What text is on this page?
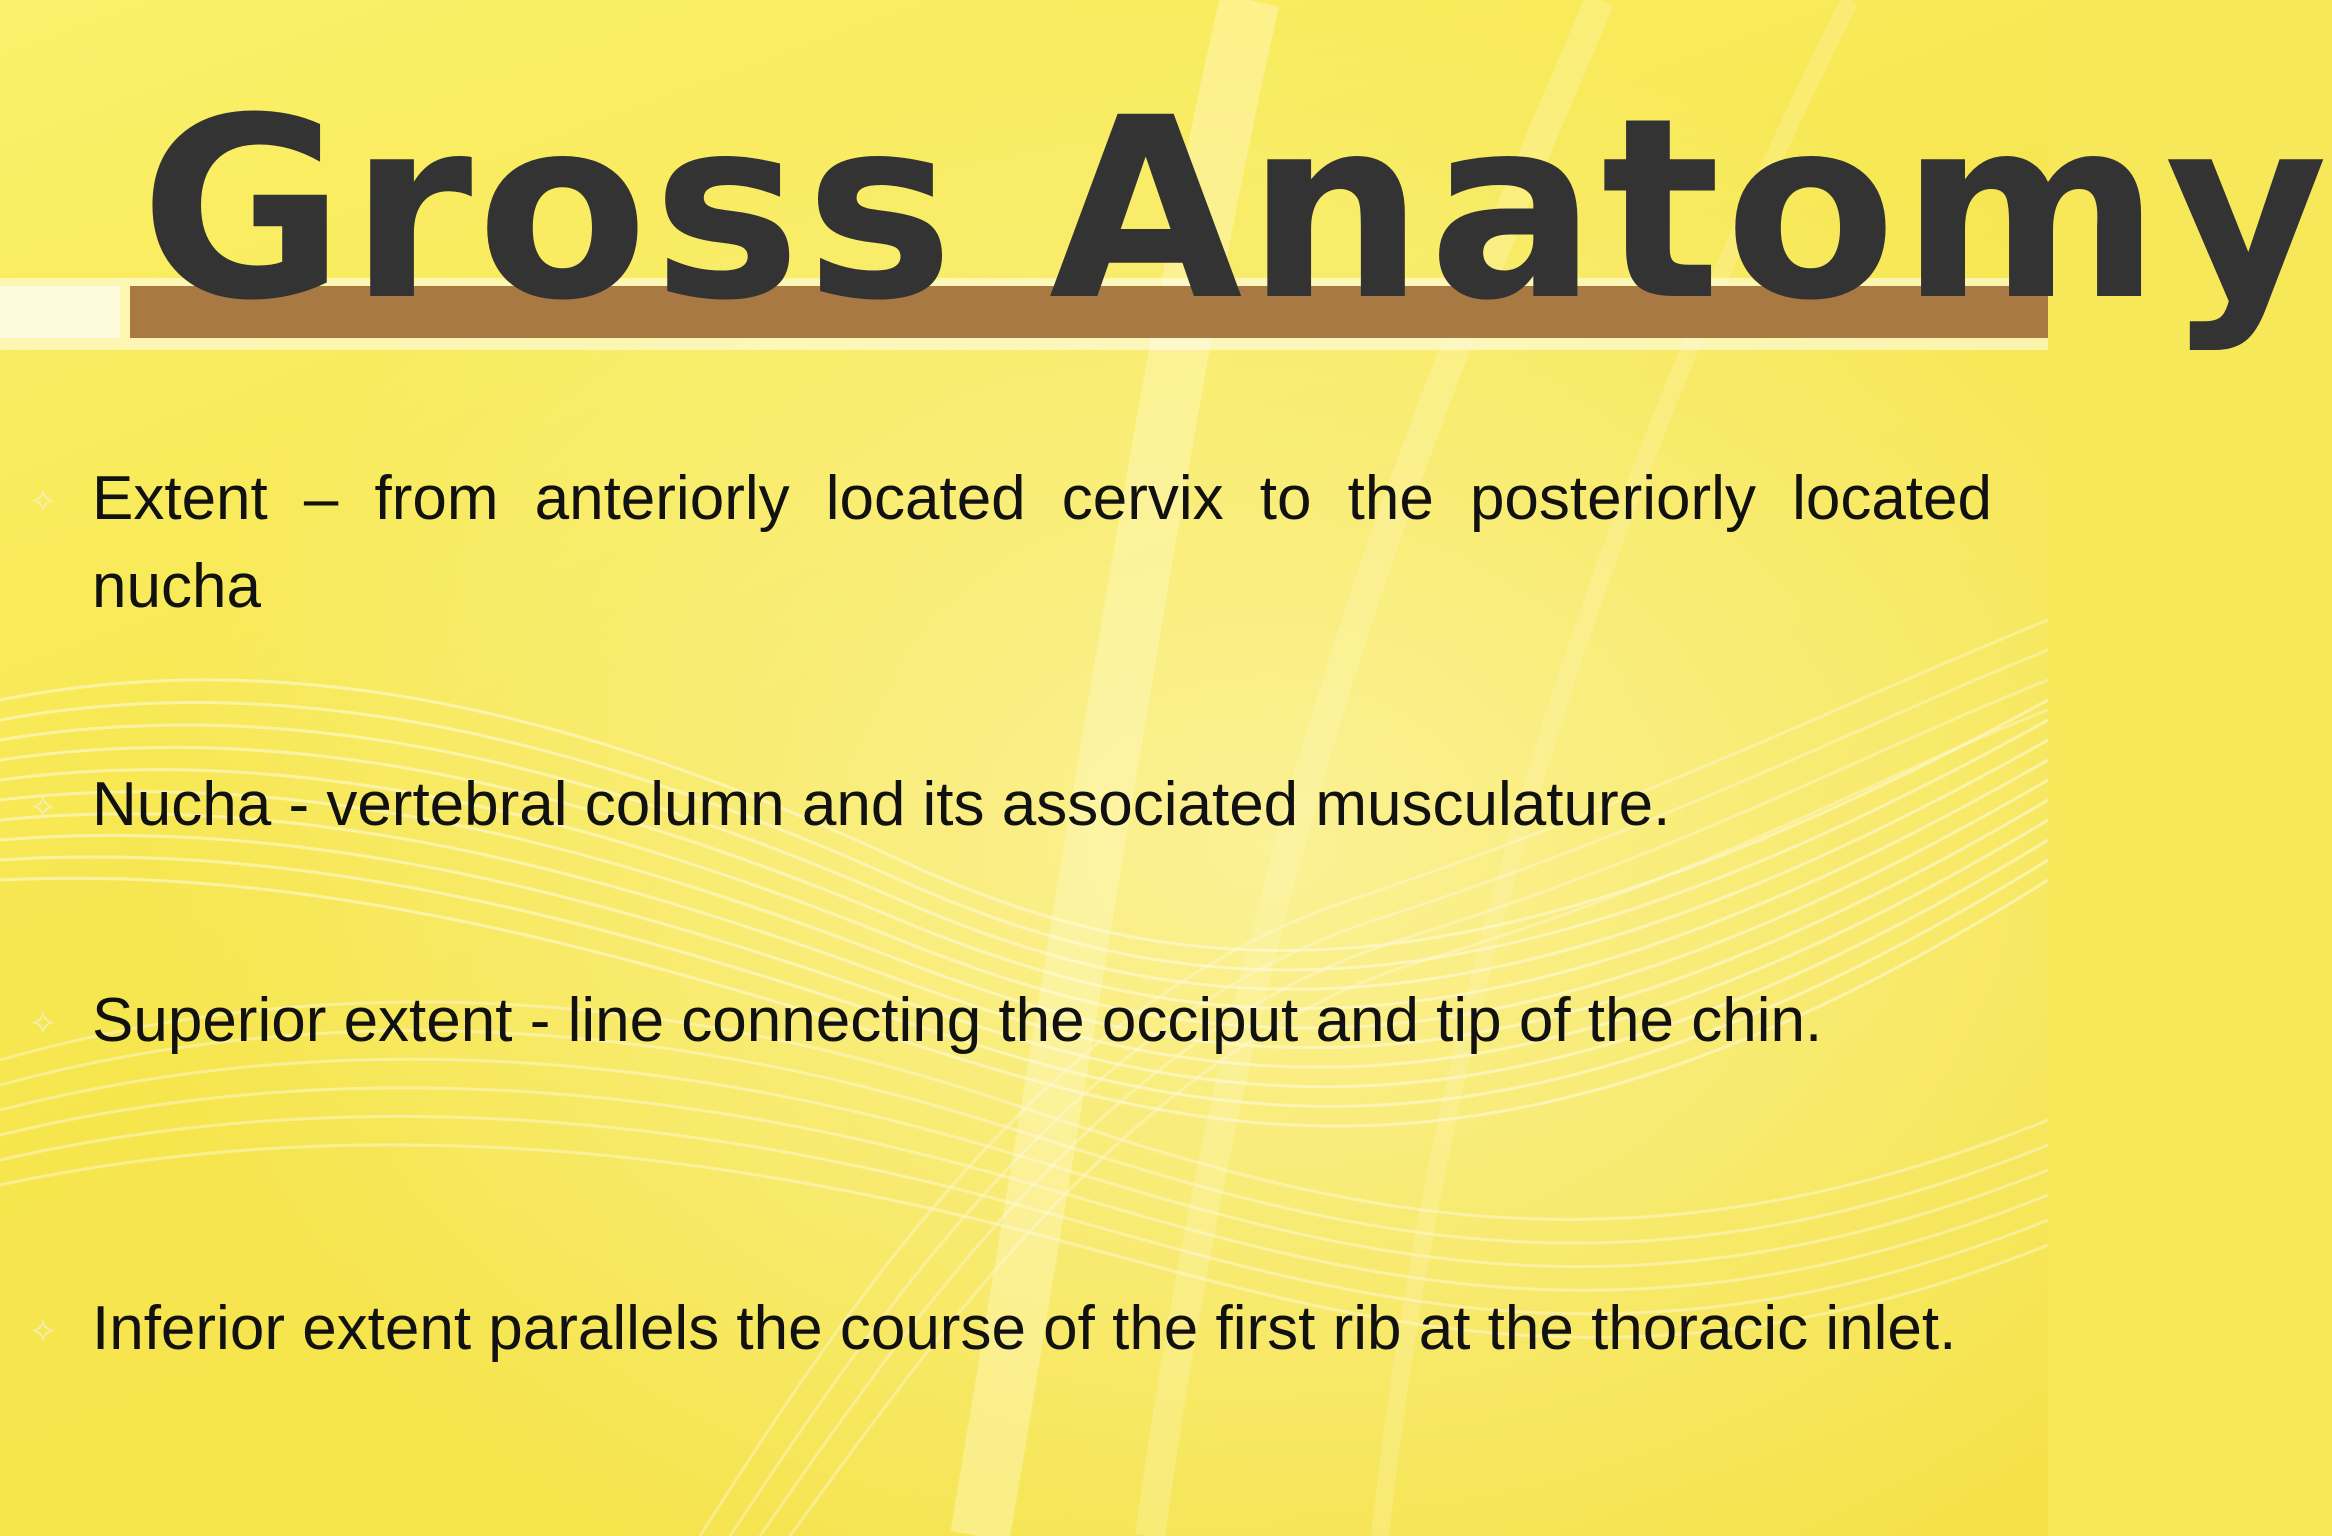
Gross Anatomy
✧ Extent – from anteriorly located cervix to the posteriorly located nucha
✧ Nucha - vertebral column and its associated musculature.
✧ Superior extent - line connecting the occiput and tip of the chin.
✧ Inferior extent parallels the course of the first rib at the thoracic inlet.
